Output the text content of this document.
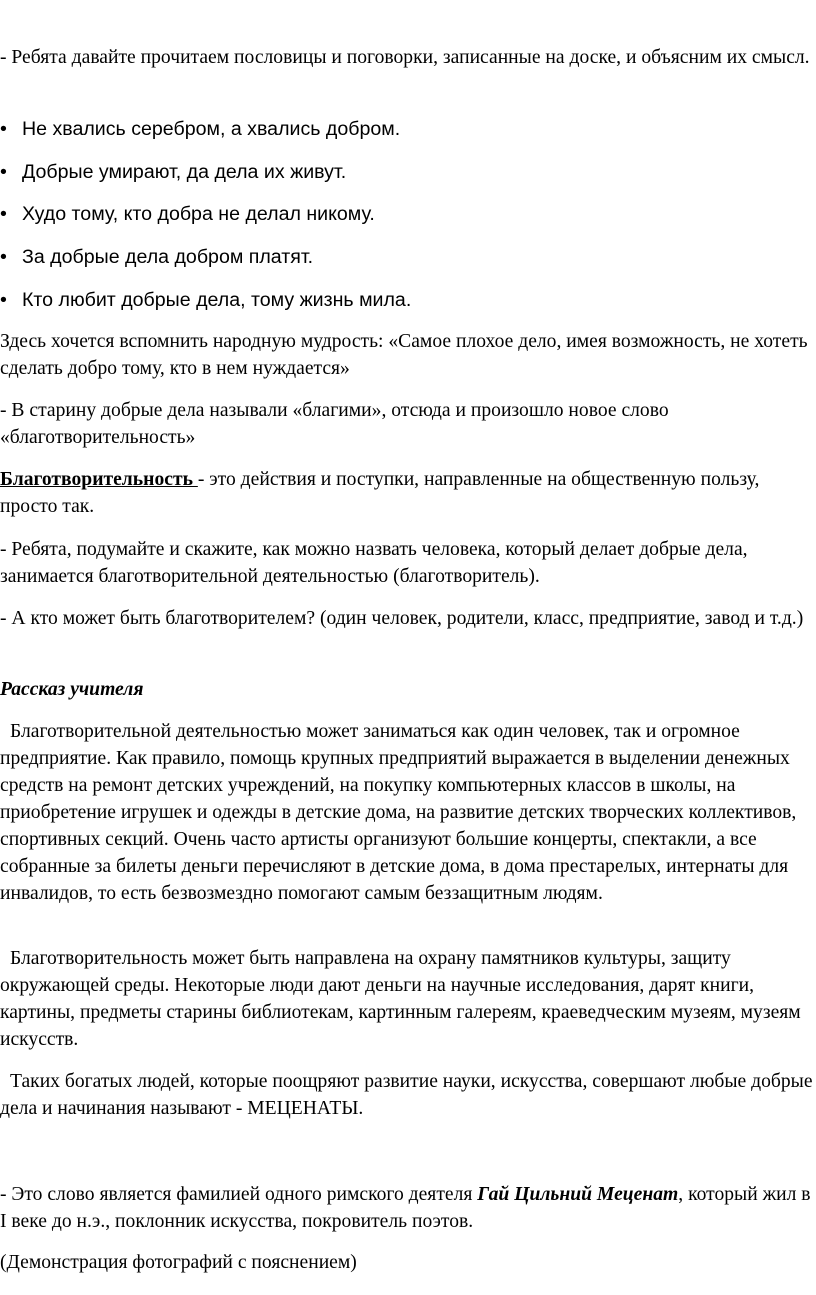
- Ребята давайте прочитаем пословицы и поговорки, записанные на доске, и объясним их смысл.

• Не хвались серебром, а хвались добром.

• Добрые умирают, да дела их живут.

• Худо тому, кто добра не делал никому.

• За добрые дела добром платят.

• Кто любит добрые дела, тому жизнь мила.

Здесь хочется вспомнить народную мудрость: «Самое плохое дело, имея возможность, не хотеть сделать добро тому, кто в нем нуждается»

- В старину добрые дела называли «благими», отсюда и произошло новое слово «благотворительность»

Благотворительность - это действия и поступки, направленные на общественную пользу, просто так.

- Ребята, подумайте и скажите, как можно назвать человека, который делает добрые дела, занимается благотворительной деятельностью (благотворитель).

- А кто может быть благотворителем? (один человек, родители, класс, предприятие, завод и т.д.)

Рассказ учителя

Благотворительной деятельностью может заниматься как один человек, так и огромное предприятие. Как правило, помощь крупных предприятий выражается в выделении денежных средств на ремонт детских учреждений, на покупку компьютерных классов в школы, на приобретение игрушек и одежды в детские дома, на развитие детских творческих коллективов, спортивных секций. Очень часто артисты организуют большие концерты, спектакли, а все собранные за билеты деньги перечисляют в детские дома, в дома престарелых, интернаты для инвалидов, то есть безвозмездно помогают самым беззащитным людям.

Благотворительность может быть направлена на охрану памятников культуры, защиту окружающей среды. Некоторые люди дают деньги на научные исследования, дарят книги, картины, предметы старины библиотекам, картинным галереям, краеведческим музеям, музеям искусств.

Таких богатых людей, которые поощряют развитие науки, искусства, совершают любые добрые дела и начинания называют - МЕЦЕНАТЫ.

- Это слово является фамилией одного римского деятеля Гай Цильний Меценат, который жил в I веке до н.э., поклонник искусства, покровитель поэтов.

(Демонстрация фотографий с пояснением)
